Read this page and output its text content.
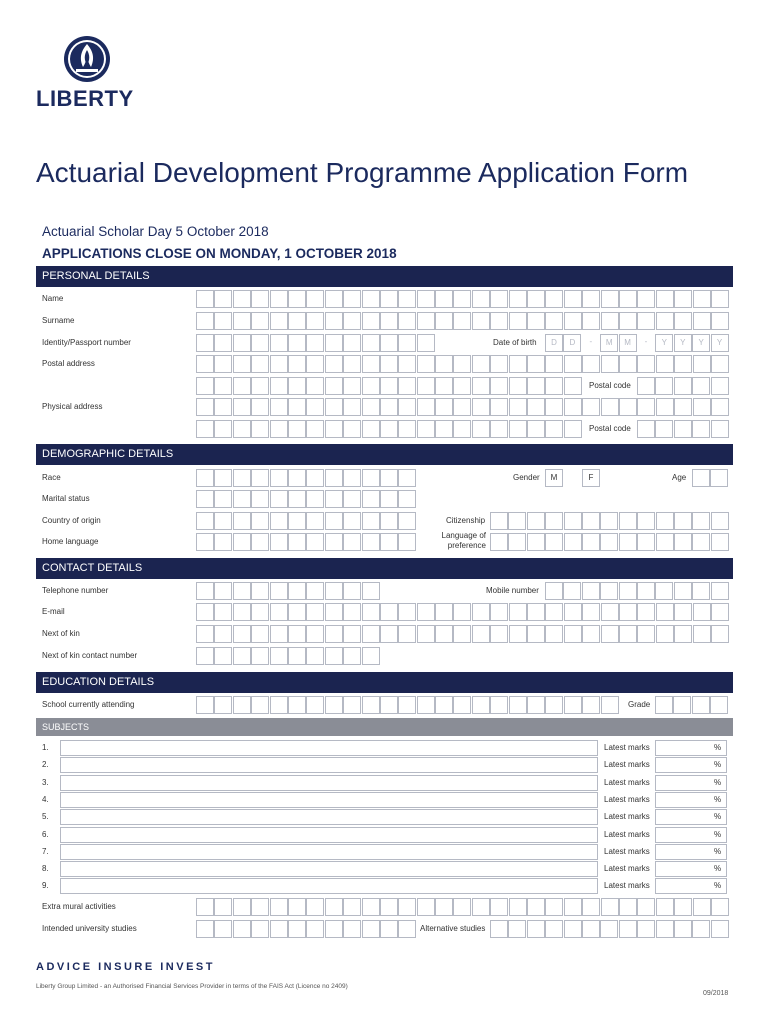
LIBERTY
Actuarial Development Programme Application Form
Actuarial Scholar Day 5 October 2018
APPLICATIONS CLOSE ON MONDAY, 1 OCTOBER 2018
PERSONAL DETAILS
Name
Surname
Identity/Passport number	Date of birth	D	D	-	M	M	-	Y	Y	Y	Y
Postal address
Postal code
Physical address
Postal code
DEMOGRAPHIC DETAILS
Race	Gender	M	F	Age
Marital status
Country of origin	Citizenship
Home language
Language of preference
CONTACT DETAILS
Telephone number	Mobile number
E-mail
Next of kin
Next of kin contact number
EDUCATION DETAILS
School currently attending	Grade
SUBJECTS
1.	Latest marks	%
2.	Latest marks	%
3.	Latest marks	%
4.	Latest marks	%
5.	Latest marks	%
6.	Latest marks	%
7.	Latest marks	%
8.	Latest marks	%
9.	Latest marks	%
Extra mural activities
Intended university studies	Alternative studies
ADVICE INSURE INVEST
Liberty Group Limited - an Authorised Financial Services Provider in terms of the FAIS Act (Licence no 2409)
09/2018
